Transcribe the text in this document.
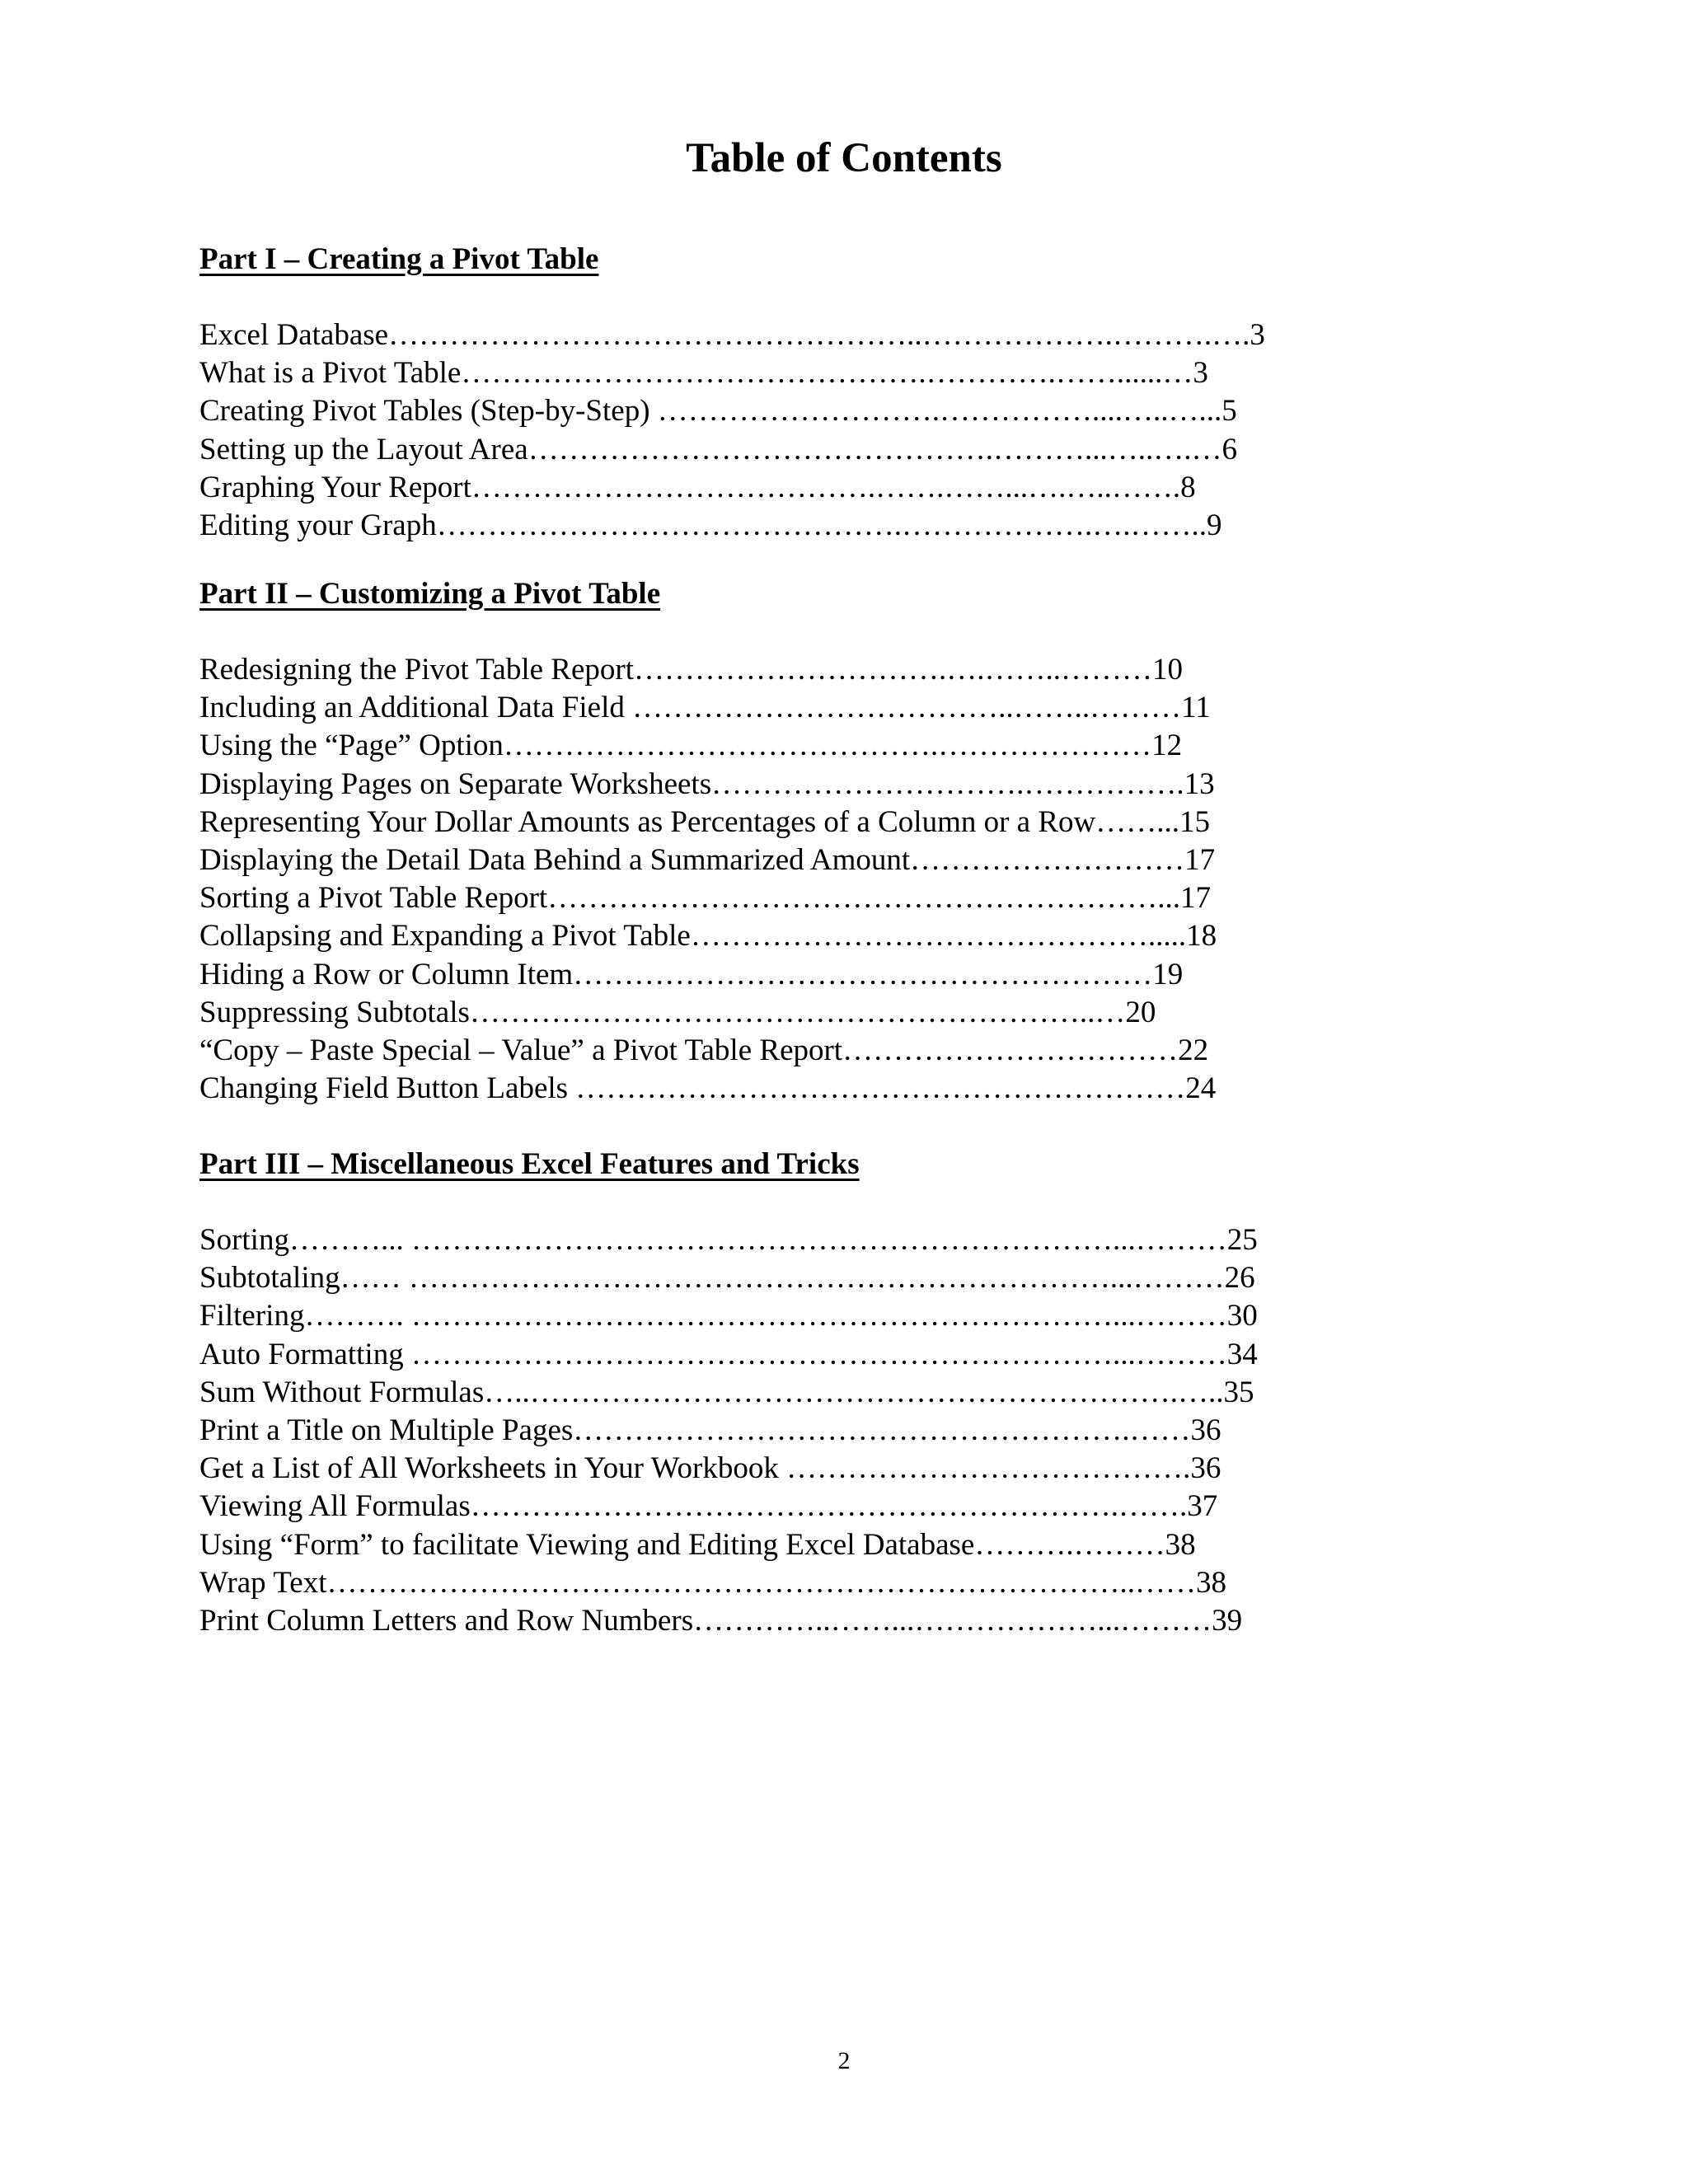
Table of Contents
Part I – Creating a Pivot Table
Excel Database……………………………………………..……………….……….….3
What is a Pivot Table……………………………………….………….……......…3
Creating Pivot Tables (Step-by-Step) ……………………….……………....…..…...5
Setting up the Layout Area……………………………………….………...…..….…6
Graphing Your Report………………………………….…….……...….…..…….8
Editing your Graph……………………………………….……………….….……..9
Part II – Customizing a Pivot Table
Redesigning the Pivot Table Report………………………….….……..………10
Including an Additional Data Field ………………………………..……..………11
Using the “Page” Option…………………………………….…………………12
Displaying Pages on Separate Worksheets………………………….…………….13
Representing Your Dollar Amounts as Percentages of a Column or a Row……...15
Displaying the Detail Data Behind a Summarized Amount………………………17
Sorting a Pivot Table Report……………………………………………………...17
Collapsing and Expanding a Pivot Table……………………………………….....18
Hiding a Row or Column Item…………………………………………………19
Suppressing Subtotals……………………………………………………..…20
“Copy – Paste Special – Value” a Pivot Table Report……………………………22
Changing Field Button Labels ……………………………………………………24
Part III – Miscellaneous Excel Features and Tricks
Sorting………... ……………………………………………………………...………25
Subtotaling…… ……………………………………………………………...………26
Filtering………. ……………………………………………………………...………30
Auto Formatting ……………………………………………………………...………34
Sum Without Formulas…..……………………………………………………….…..35
Print a Title on Multiple Pages……………………………………………….……36
Get a List of All Worksheets in Your Workbook ………………………………….36
Viewing All Formulas……………………………………………………….…….37
Using “Form” to facilitate Viewing and Editing Excel Database……….………38
Wrap Text……………………………………………………………………..……38
Print Column Letters and Row Numbers…………..……...………………...………39
2
